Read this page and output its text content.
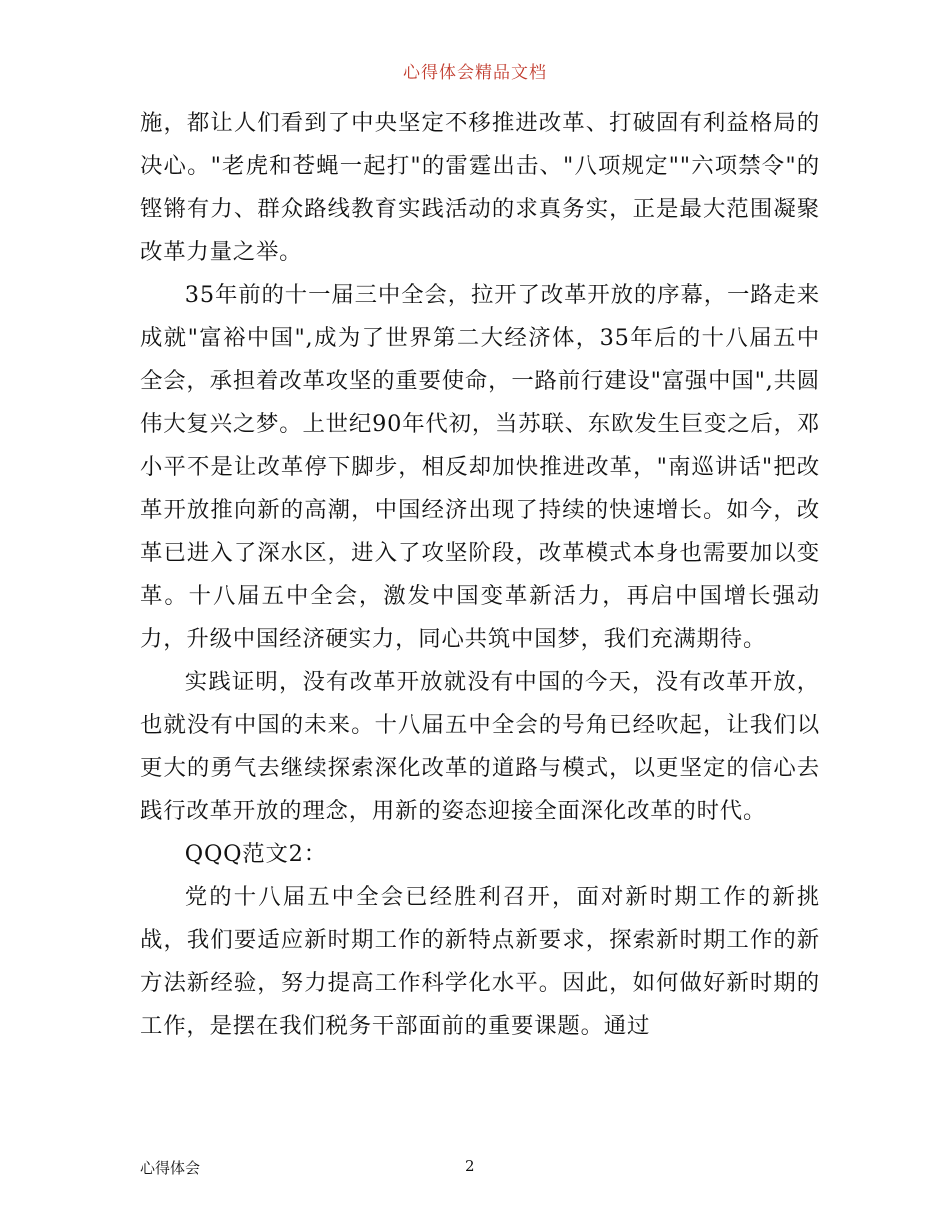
心得体会精品文档

施，都让人们看到了中央坚定不移推进改革、打破固有利益格局的决心。"老虎和苍蝇一起打"的雷霆出击、"八项规定""六项禁令"的铿锵有力、群众路线教育实践活动的求真务实，正是最大范围凝聚改革力量之举。

35年前的十一届三中全会，拉开了改革开放的序幕，一路走来成就"富裕中国",成为了世界第二大经济体，35年后的十八届五中全会，承担着改革攻坚的重要使命，一路前行建设"富强中国",共圆伟大复兴之梦。上世纪90年代初，当苏联、东欧发生巨变之后，邓小平不是让改革停下脚步，相反却加快推进改革，"南巡讲话"把改革开放推向新的高潮，中国经济出现了持续的快速增长。如今，改革已进入了深水区，进入了攻坚阶段，改革模式本身也需要加以变革。十八届五中全会，激发中国变革新活力，再启中国增长强动力，升级中国经济硬实力，同心共筑中国梦，我们充满期待。

实践证明，没有改革开放就没有中国的今天，没有改革开放，也就没有中国的未来。十八届五中全会的号角已经吹起，让我们以更大的勇气去继续探索深化改革的道路与模式，以更坚定的信心去践行改革开放的理念，用新的姿态迎接全面深化改革的时代。

QQQ范文2：

党的十八届五中全会已经胜利召开，面对新时期工作的新挑战，我们要适应新时期工作的新特点新要求，探索新时期工作的新方法新经验，努力提高工作科学化水平。因此，如何做好新时期的工作，是摆在我们税务干部面前的重要课题。通过

心得体会	2
